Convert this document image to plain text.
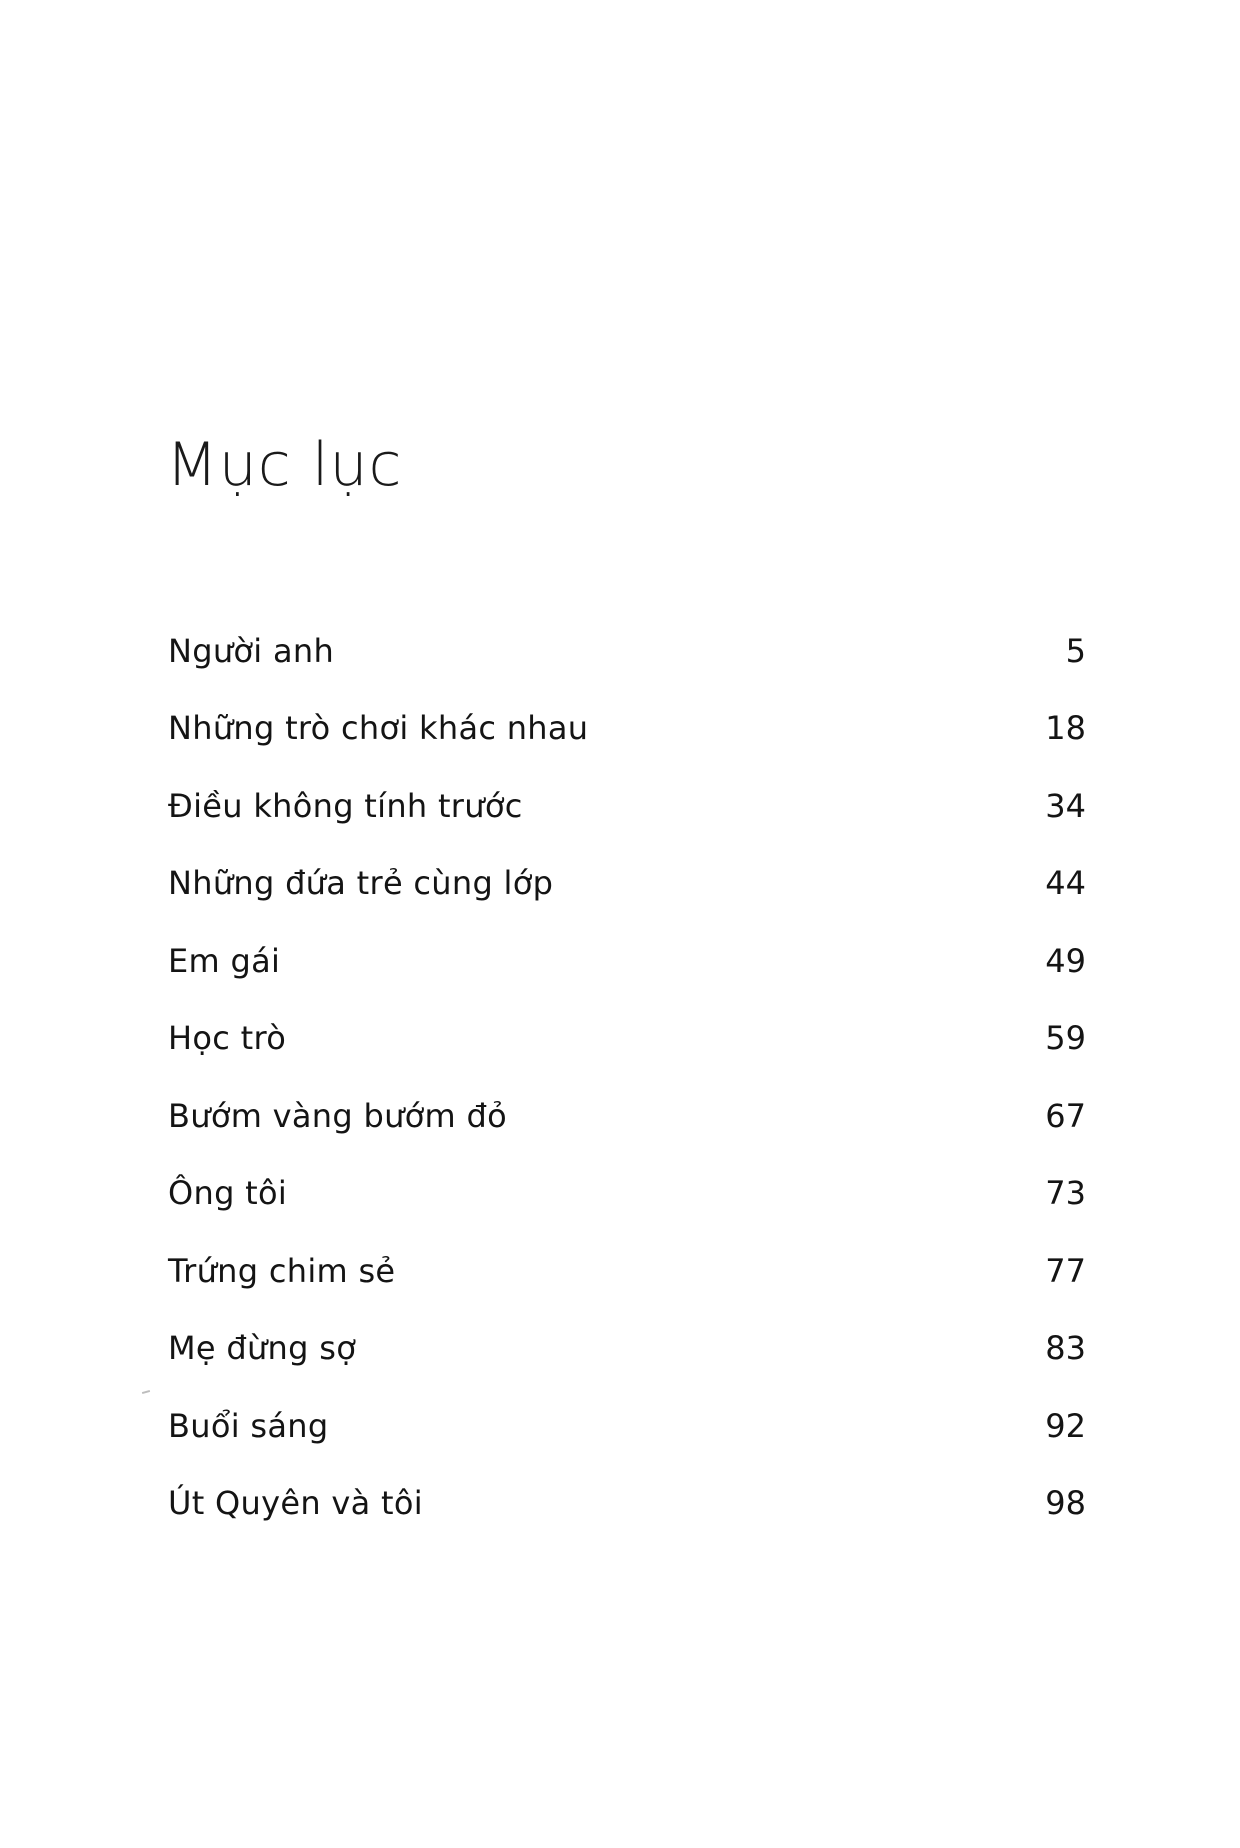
Mục lục
Người anh	5
Những trò chơi khác nhau	18
Điều không tính trước	34
Những đứa trẻ cùng lớp	44
Em gái	49
Học trò	59
Bướm vàng bướm đỏ	67
Ông tôi	73
Trứng chim sẻ	77
Mẹ đừng sợ	83
Buổi sáng	92
Út Quyên và tôi	98
